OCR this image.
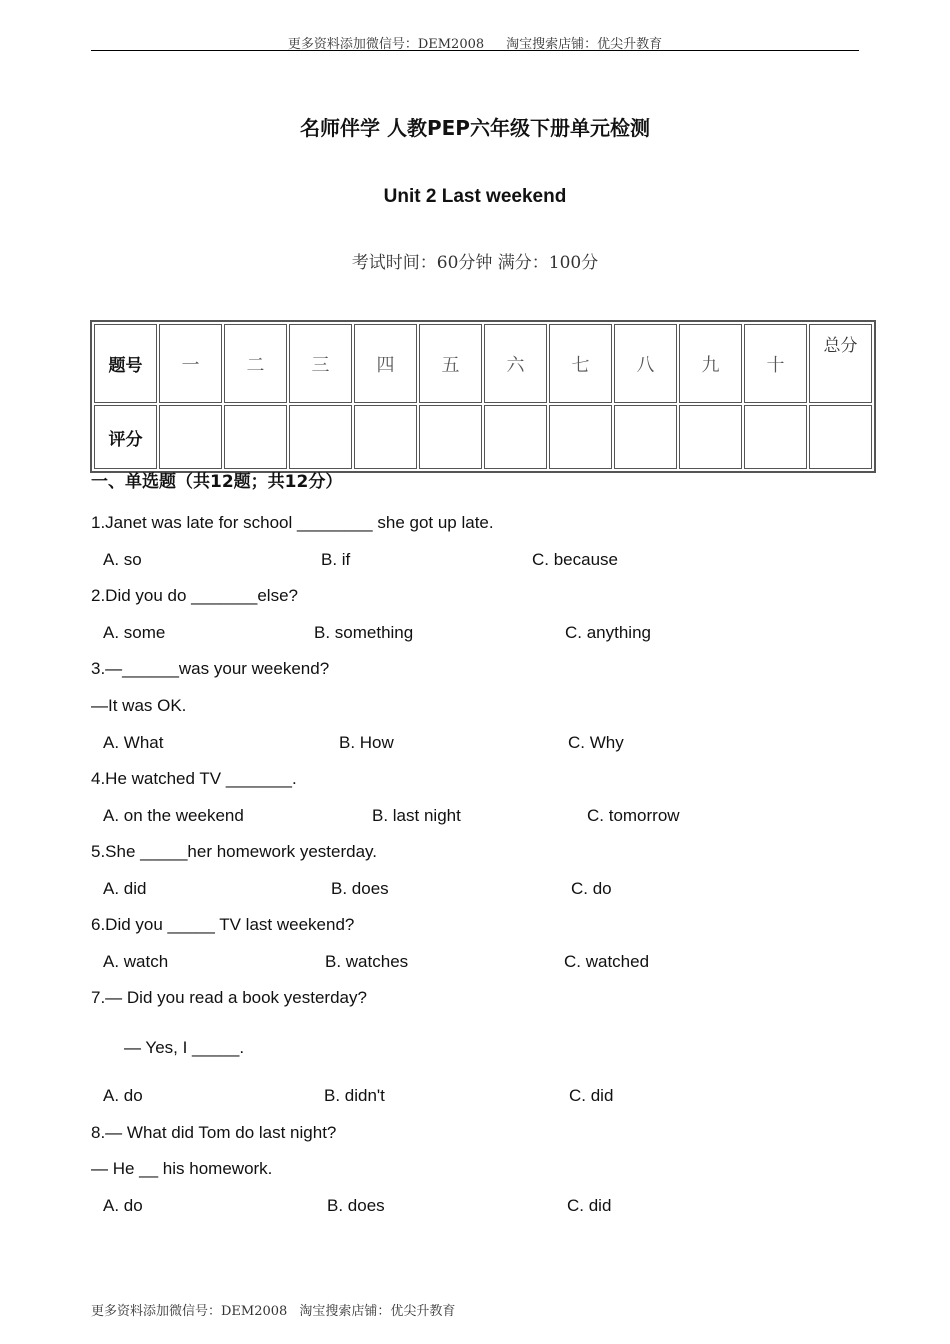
更多资料添加微信号：DEM2008 淘宝搜索店铺：优尖升教育
名师伴学 人教PEP六年级下册单元检测
Unit 2 Last weekend
考试时间：60分钟 满分：100分
题号	一	二	三	四	五	六	七	八	九	十	总分
评分											
一、单选题（共12题；共12分）
1.Janet was late for school ________ she got up late.
A. so	B. if	C. because
2.Did you do _______else?
A. some	B. something	C. anything
3.—______was your weekend?
—It was OK.
A. What	B. How	C. Why
4.He watched TV _______.
A. on the weekend	B. last night	C. tomorrow
5.She _____her homework yesterday.
A. did	B. does	C. do
6.Did you _____ TV last weekend?
A. watch	B. watches	C. watched
7.— Did you read a book yesterday?
— Yes, I _____.
A. do	B. didn't	C. did
8.— What did Tom do last night?
— He __ his homework.
A. do	B. does	C. did
更多资料添加微信号：DEM2008 淘宝搜索店铺：优尖升教育
